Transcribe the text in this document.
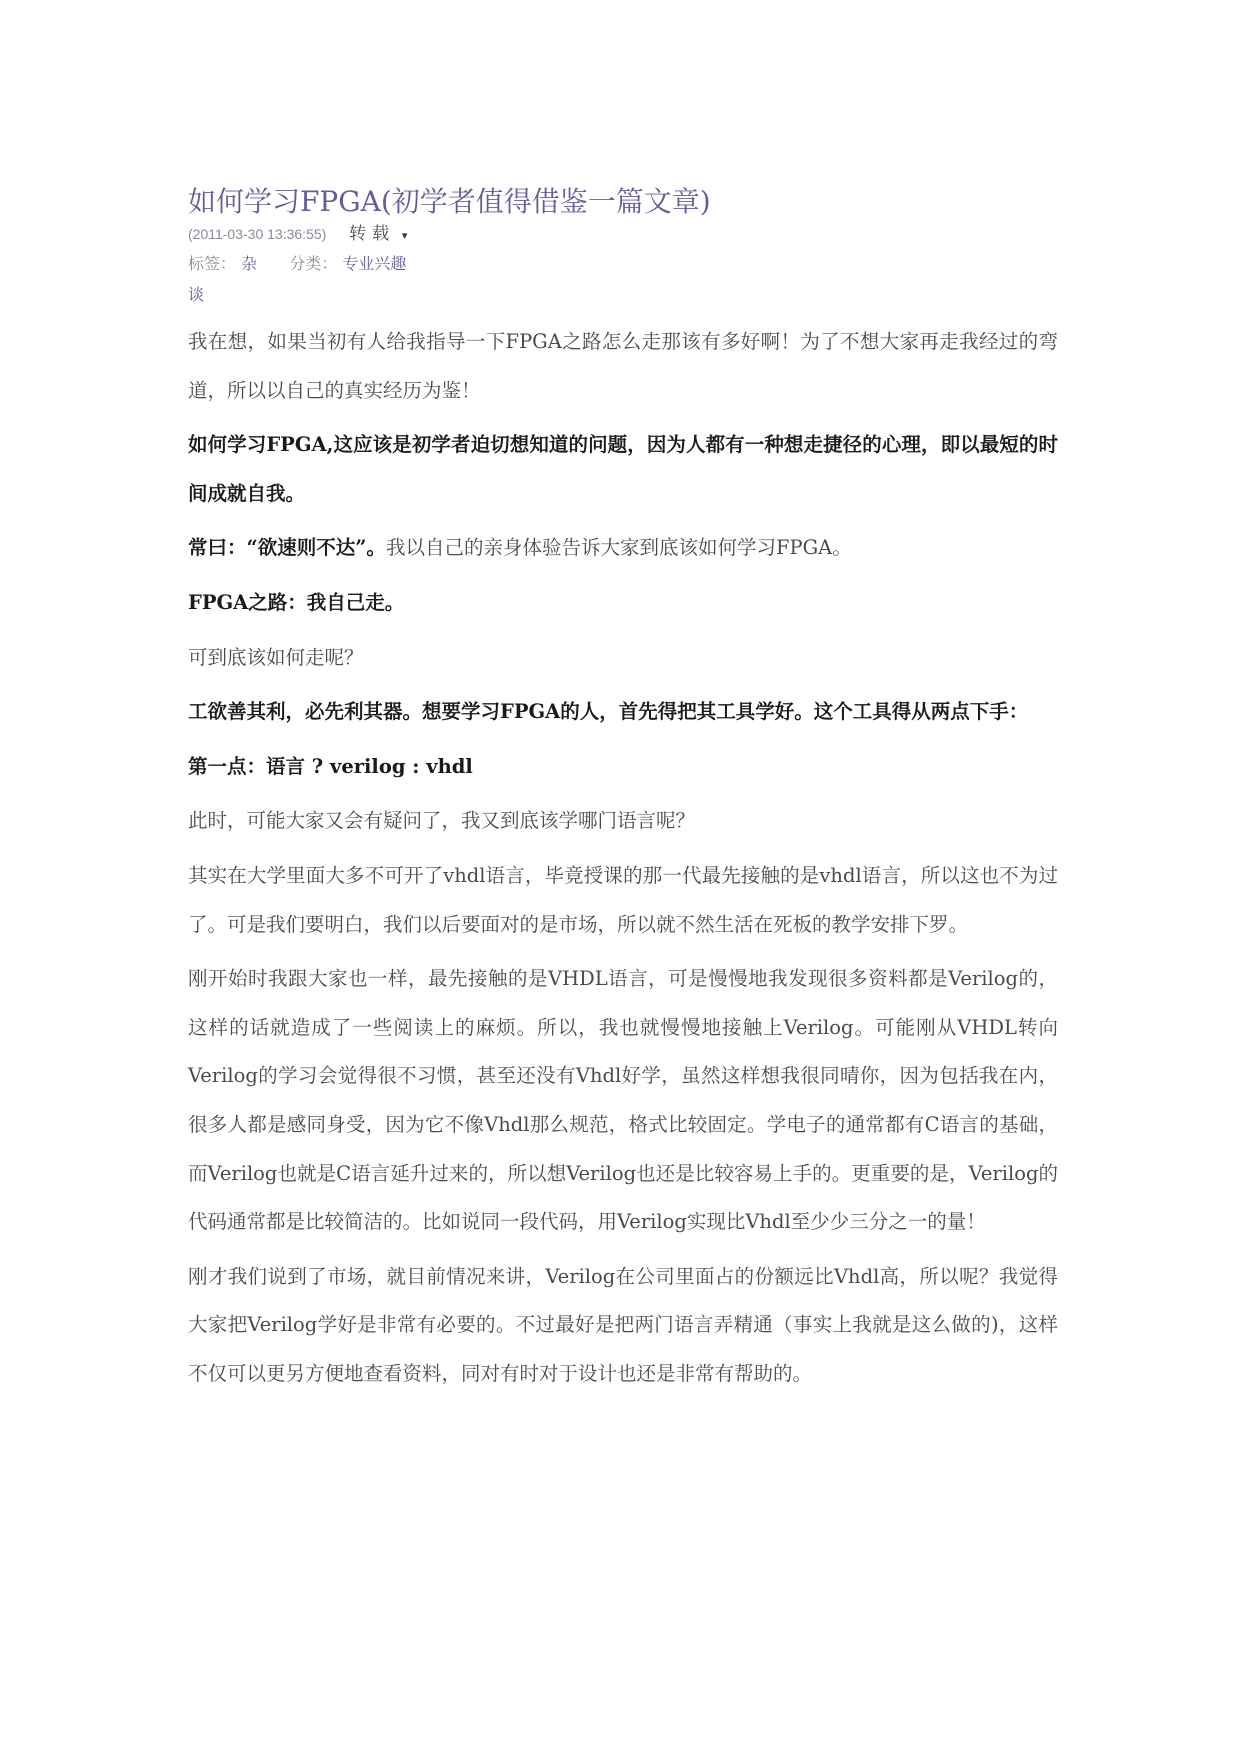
如何学习FPGA(初学者值得借鉴一篇文章)
(2011-03-30 13:36:55) 转载 ▾
标签： 杂 分类： 专业兴趣
谈

我在想，如果当初有人给我指导一下FPGA之路怎么走那该有多好啊！为了不想大家再走我经过的弯道，所以以自己的真实经历为鉴！

如何学习FPGA,这应该是初学者迫切想知道的问题，因为人都有一种想走捷径的心理，即以最短的时间成就自我。

常曰：“欲速则不达”。我以自己的亲身体验告诉大家到底该如何学习FPGA。

FPGA之路：我自己走。

可到底该如何走呢？

工欲善其利，必先利其器。想要学习FPGA的人，首先得把其工具学好。这个工具得从两点下手：

第一点：语言 ? verilog : vhdl

此时，可能大家又会有疑问了，我又到底该学哪门语言呢？

其实在大学里面大多不可开了vhdl语言，毕竟授课的那一代最先接触的是vhdl语言，所以这也不为过了。可是我们要明白，我们以后要面对的是市场，所以就不然生活在死板的教学安排下罗。

刚开始时我跟大家也一样，最先接触的是VHDL语言，可是慢慢地我发现很多资料都是Verilog的，这样的话就造成了一些阅读上的麻烦。所以，我也就慢慢地接触上Verilog。可能刚从VHDL转向Verilog的学习会觉得很不习惯，甚至还没有Vhdl好学，虽然这样想我很同晴你，因为包括我在内，很多人都是感同身受，因为它不像Vhdl那么规范，格式比较固定。学电子的通常都有C语言的基础，而Verilog也就是C语言延升过来的，所以想Verilog也还是比较容易上手的。更重要的是，Verilog的代码通常都是比较简洁的。比如说同一段代码，用Verilog实现比Vhdl至少少三分之一的量！

刚才我们说到了市场，就目前情况来讲，Verilog在公司里面占的份额远比Vhdl高，所以呢？我觉得大家把Verilog学好是非常有必要的。不过最好是把两门语言弄精通（事实上我就是这么做的)，这样不仅可以更另方便地查看资料，同对有时对于设计也还是非常有帮助的。
